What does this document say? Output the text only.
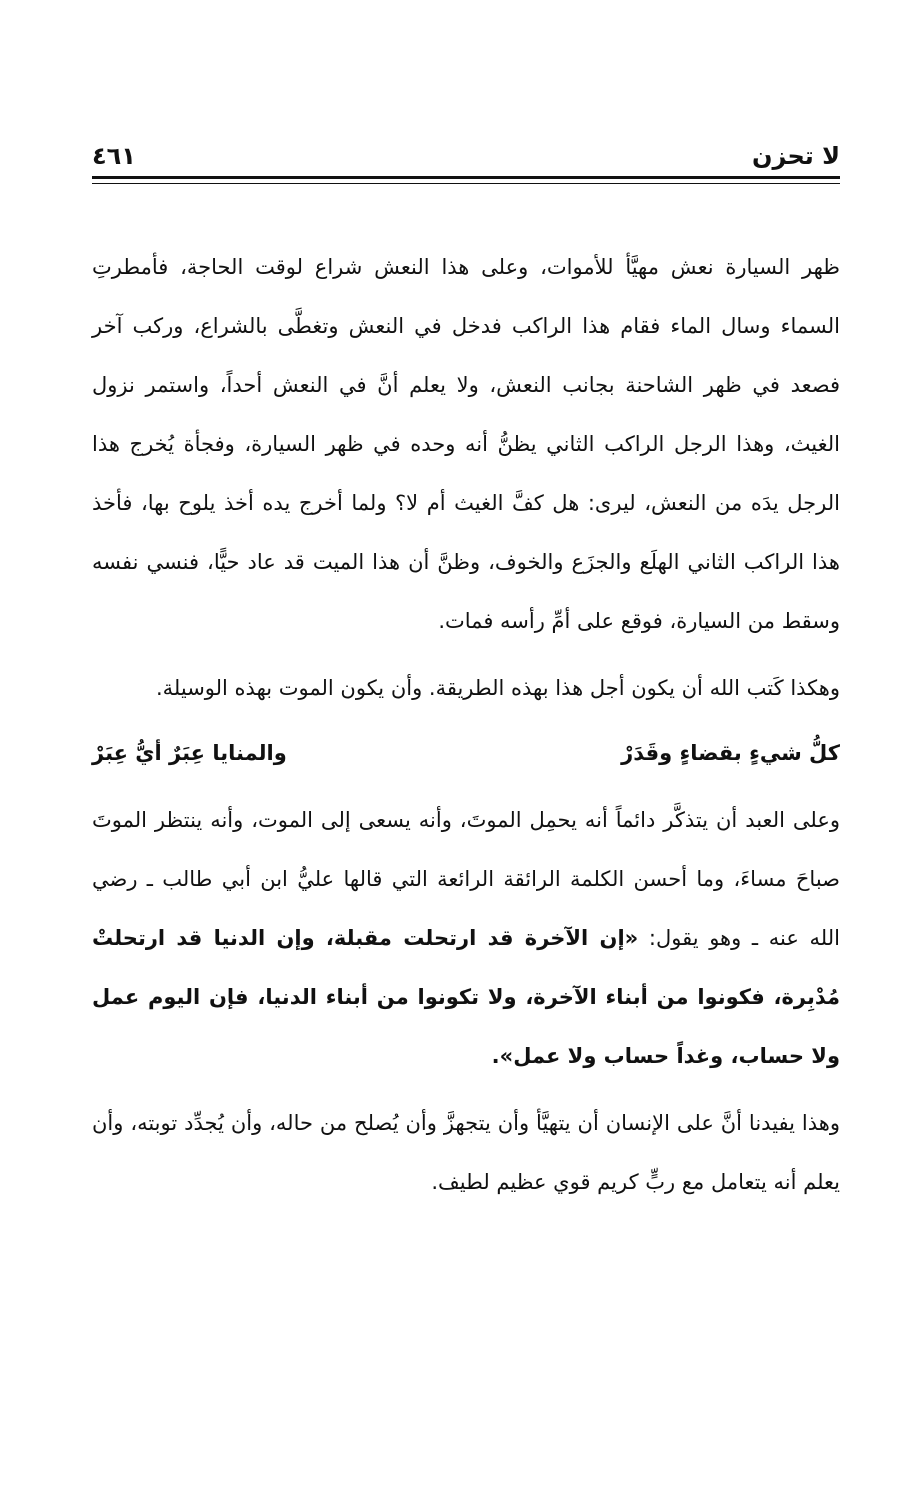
لا تحزن
٤٦١

ظهر السيارة نعش مهيَّأ للأموات، وعلى هذا النعش شراع لوقت الحاجة، فأمطرتِ السماء وسال الماء فقام هذا الراكب فدخل في النعش وتغطَّى بالشراع، وركب آخر فصعد في ظهر الشاحنة بجانب النعش، ولا يعلم أنَّ في النعش أحداً، واستمر نزول الغيث، وهذا الرجل الراكب الثاني يظنُّ أنه وحده في ظهر السيارة، وفجأة يُخرج هذا الرجل يدَه من النعش، ليرى: هل كفَّ الغيث أم لا؟ ولما أخرج يده أخذ يلوح بها، فأخذ هذا الراكب الثاني الهلَع والجزَع والخوف، وظنَّ أن هذا الميت قد عاد حيًّا، فنسي نفسه وسقط من السيارة، فوقع على أمِّ رأسه فمات.

وهكذا كَتب الله أن يكون أجل هذا بهذه الطريقة. وأن يكون الموت بهذه الوسيلة.

كلُّ شيءٍ بقضاءٍ وقَدَرْ
والمنايا عِبَرٌ أيُّ عِبَرْ

وعلى العبد أن يتذكَّر دائماً أنه يحمِل الموتَ، وأنه يسعى إلى الموت، وأنه ينتظر الموتَ صباحَ مساءَ، وما أحسن الكلمة الرائقة الرائعة التي قالها عليُّ ابن أبي طالب ـ رضي الله عنه ـ وهو يقول: «إن الآخرة قد ارتحلت مقبلة، وإن الدنيا قد ارتحلتْ مُدْبِرة، فكونوا من أبناء الآخرة، ولا تكونوا من أبناء الدنيا، فإن اليوم عمل ولا حساب، وغداً حساب ولا عمل».

وهذا يفيدنا أنَّ على الإنسان أن يتهيَّأ وأن يتجهزَّ وأن يُصلح من حاله، وأن يُجدِّد توبته، وأن يعلم أنه يتعامل مع ربٍّ كريم قوي عظيم لطيف.
